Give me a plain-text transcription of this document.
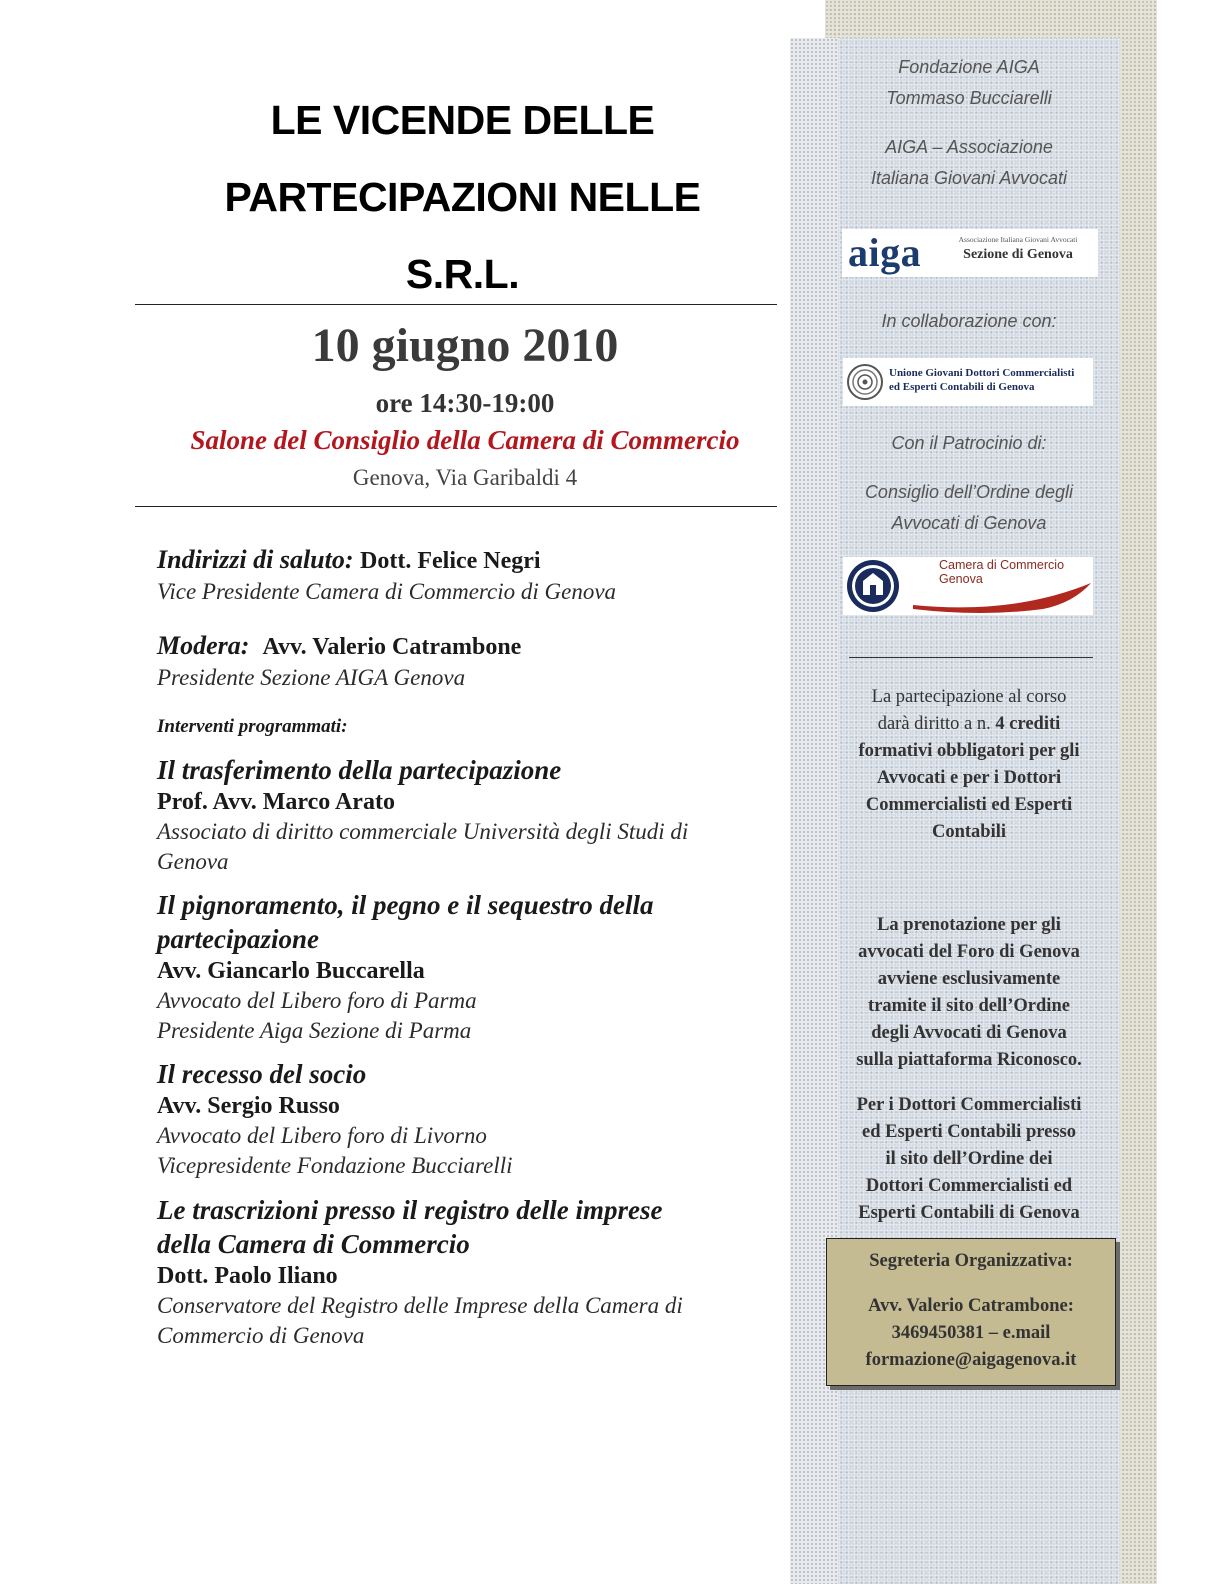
LE VICENDE DELLE
PARTECIPAZIONI NELLE
S.R.L.
10 giugno 2010
ore 14:30-19:00
Salone del Consiglio della Camera di Commercio
Genova, Via Garibaldi 4
Indirizzi di saluto: Dott. Felice Negri
Vice Presidente Camera di Commercio di Genova
Modera: Avv. Valerio Catrambone
Presidente Sezione AIGA Genova
Interventi programmati:
Il trasferimento della partecipazione
Prof. Avv. Marco Arato
Associato di diritto commerciale Università degli Studi di
Genova
Il pignoramento, il pegno e il sequestro della
partecipazione
Avv. Giancarlo Buccarella
Avvocato del Libero foro di Parma
Presidente Aiga Sezione di Parma
Il recesso del socio
Avv. Sergio Russo
Avvocato del Libero foro di Livorno
Vicepresidente Fondazione Bucciarelli
Le trascrizioni presso il registro delle imprese
della Camera di Commercio
Dott. Paolo Iliano
Conservatore del Registro delle Imprese della Camera di
Commercio di Genova
Fondazione AIGA
Tommaso Bucciarelli
AIGA – Associazione
Italiana Giovani Avvocati
aiga	Associazione Italiana Giovani Avvocati
Sezione di Genova
In collaborazione con:
Unione Giovani Dottori Commercialisti
ed Esperti Contabili di Genova
Con il Patrocinio di:
Consiglio dell’Ordine degli
Avvocati di Genova
Camera di Commercio
Genova
La partecipazione al corso
darà diritto a n. 4 crediti
formativi obbligatori per gli
Avvocati e per i Dottori
Commercialisti ed Esperti
Contabili
La prenotazione per gli
avvocati del Foro di Genova
avviene esclusivamente
tramite il sito dell’Ordine
degli Avvocati di Genova
sulla piattaforma Riconosco.
Per i Dottori Commercialisti
ed Esperti Contabili presso
il sito dell’Ordine dei
Dottori Commercialisti ed
Esperti Contabili di Genova
Segreteria Organizzativa:
Avv. Valerio Catrambone:
3469450381 – e.mail
formazione@aigagenova.it
